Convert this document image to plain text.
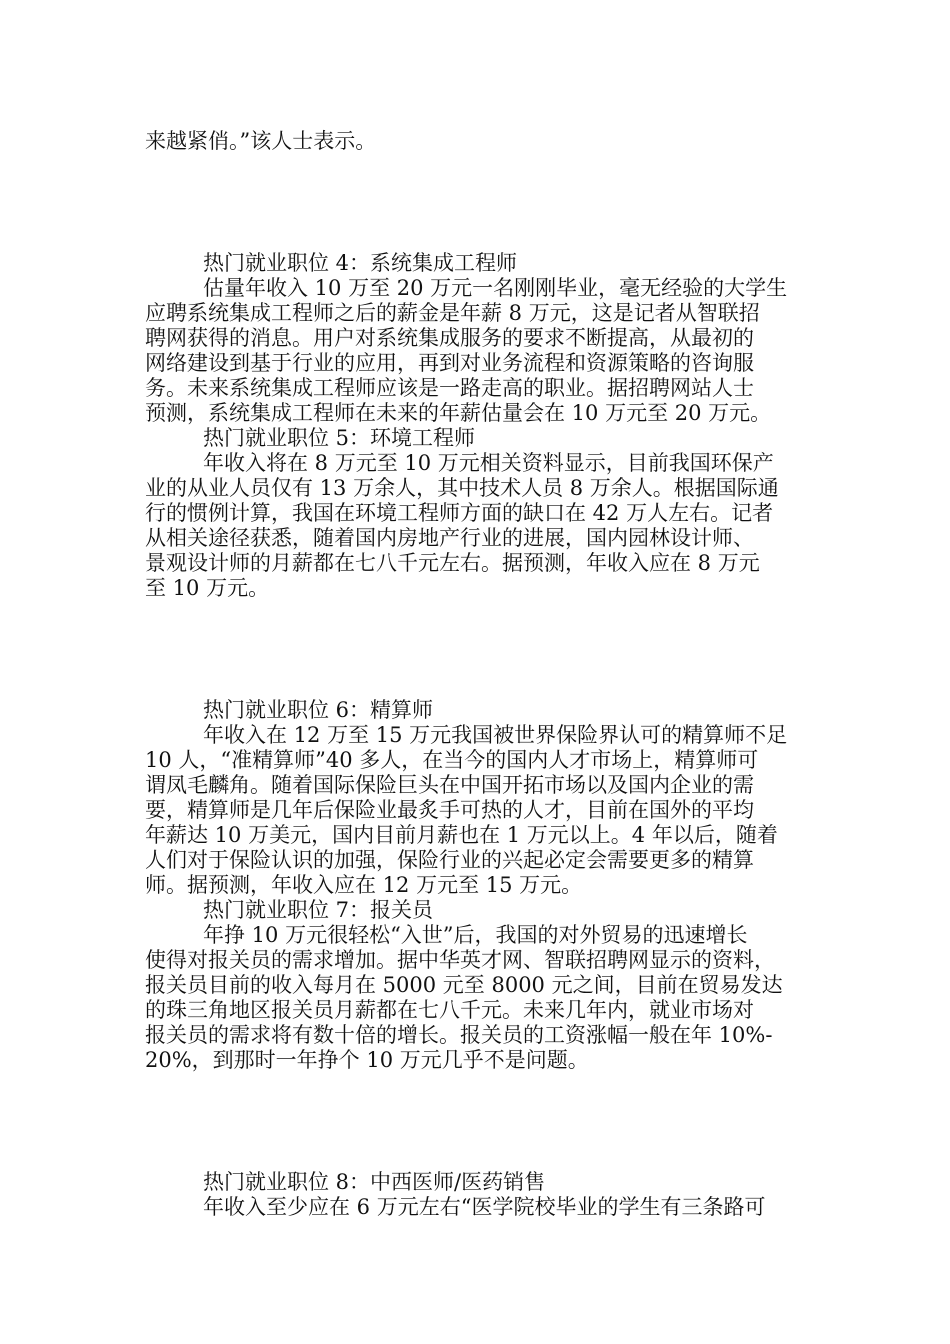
来越紧俏。”该人士表示。
热门就业职位 4：系统集成工程师
估量年收入 10 万至 20 万元一名刚刚毕业，毫无经验的大学生
应聘系统集成工程师之后的薪金是年薪 8 万元，这是记者从智联招
聘网获得的消息。用户对系统集成服务的要求不断提高，从最初的
网络建设到基于行业的应用，再到对业务流程和资源策略的咨询服
务。未来系统集成工程师应该是一路走高的职业。据招聘网站人士
预测，系统集成工程师在未来的年薪估量会在 10 万元至 20 万元。
热门就业职位 5：环境工程师
年收入将在 8 万元至 10 万元相关资料显示，目前我国环保产
业的从业人员仅有 13 万余人，其中技术人员 8 万余人。根据国际通
行的惯例计算，我国在环境工程师方面的缺口在 42 万人左右。记者
从相关途径获悉，随着国内房地产行业的进展，国内园林设计师、
景观设计师的月薪都在七八千元左右。据预测，年收入应在 8 万元
至 10 万元。
热门就业职位 6：精算师
年收入在 12 万至 15 万元我国被世界保险界认可的精算师不足
10 人，“准精算师”40 多人，在当今的国内人才市场上，精算师可
谓凤毛麟角。随着国际保险巨头在中国开拓市场以及国内企业的需
要，精算师是几年后保险业最炙手可热的人才，目前在国外的平均
年薪达 10 万美元，国内目前月薪也在 1 万元以上。4 年以后，随着
人们对于保险认识的加强，保险行业的兴起必定会需要更多的精算
师。据预测，年收入应在 12 万元至 15 万元。
热门就业职位 7：报关员
年挣 10 万元很轻松“入世”后，我国的对外贸易的迅速增长
使得对报关员的需求增加。据中华英才网、智联招聘网显示的资料，
报关员目前的收入每月在 5000 元至 8000 元之间，目前在贸易发达
的珠三角地区报关员月薪都在七八千元。未来几年内，就业市场对
报关员的需求将有数十倍的增长。报关员的工资涨幅一般在年 10%-
20%，到那时一年挣个 10 万元几乎不是问题。
热门就业职位 8：中西医师/医药销售
年收入至少应在 6 万元左右“医学院校毕业的学生有三条路可
